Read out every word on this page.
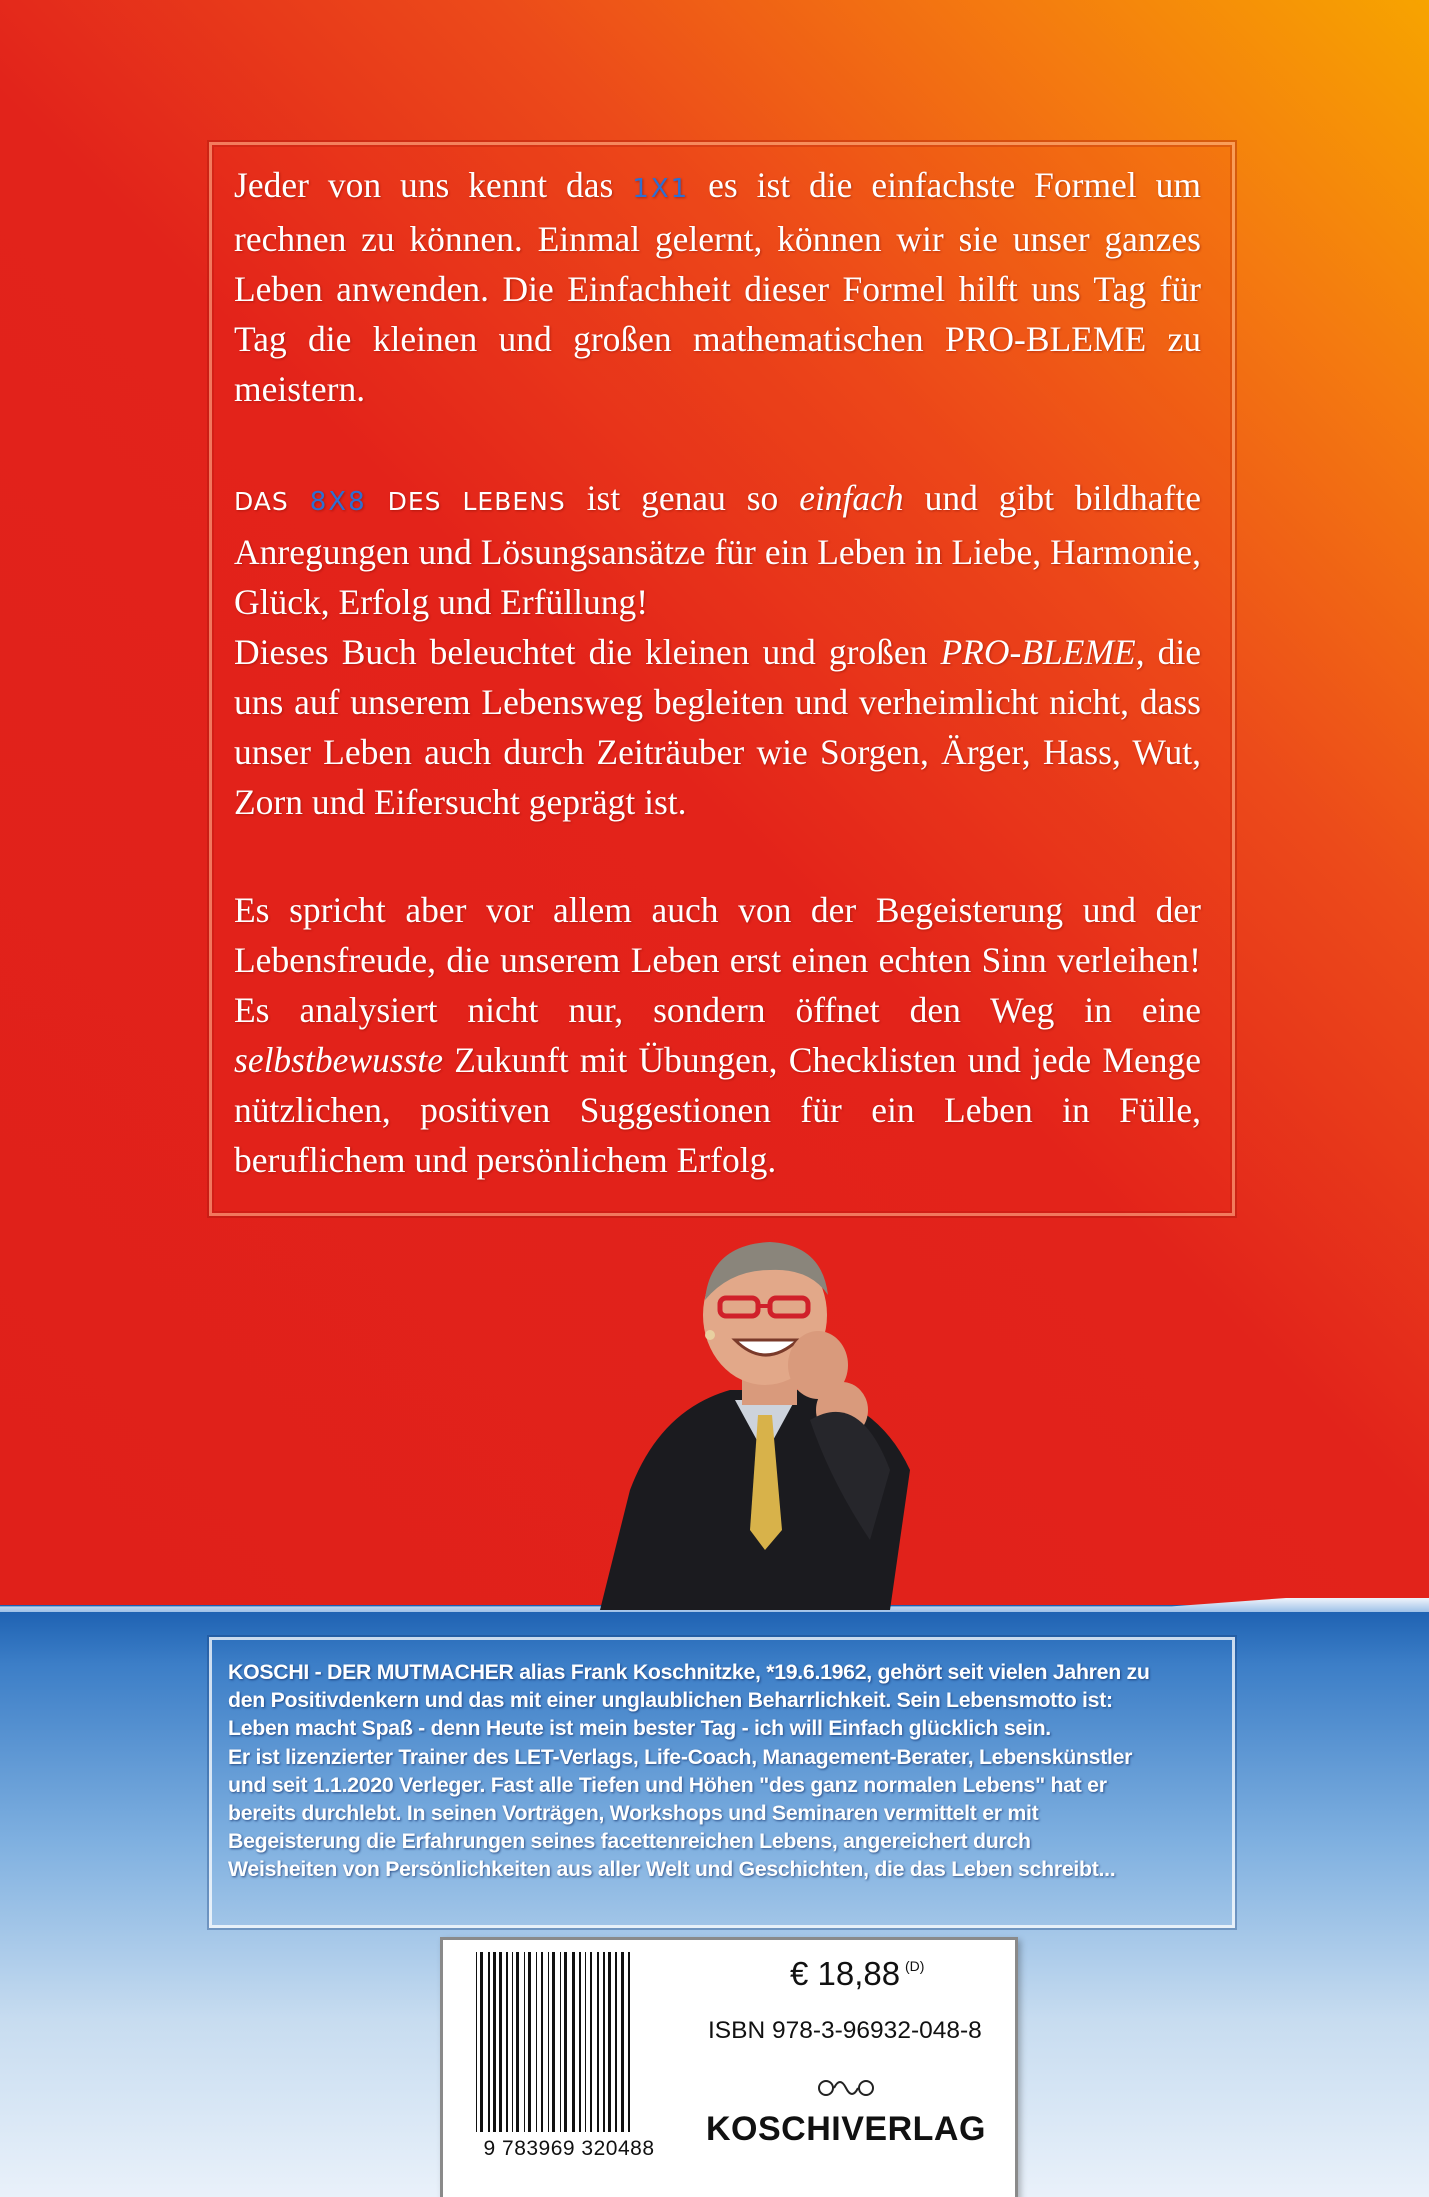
Jeder von uns kennt das 1X1 es ist die einfachste Formel um rechnen zu können. Einmal gelernt, können wir sie unser ganzes Leben anwenden. Die Einfachheit dieser Formel hilft uns Tag für Tag die kleinen und großen mathematischen PRO-BLEME zu meistern.

DAS 8X8 DES LEBENS ist genau so einfach und gibt bildhafte Anregungen und Lösungsansätze für ein Leben in Liebe, Harmonie, Glück, Erfolg und Erfüllung!
Dieses Buch beleuchtet die kleinen und großen PRO-BLEME, die uns auf unserem Lebensweg begleiten und verheimlicht nicht, dass unser Leben auch durch Zeiträuber wie Sorgen, Ärger, Hass, Wut, Zorn und Eifersucht geprägt ist.

Es spricht aber vor allem auch von der Begeisterung und der Lebensfreude, die unserem Leben erst einen echten Sinn verleihen! Es analysiert nicht nur, sondern öffnet den Weg in eine selbstbewusste Zukunft mit Übungen, Checklisten und jede Menge nützlichen, positiven Suggestionen für ein Leben in Fülle, beruflichem und persönlichem Erfolg.

KOSCHI - DER MUTMACHER alias Frank Koschnitzke, *19.6.1962, gehört seit vielen Jahren zu
den Positivdenkern und das mit einer unglaublichen Beharrlichkeit. Sein Lebensmotto ist:
Leben macht Spaß - denn Heute ist mein bester Tag - ich will Einfach glücklich sein.
Er ist lizenzierter Trainer des LET-Verlags, Life-Coach, Management-Berater, Lebenskünstler
und seit 1.1.2020 Verleger. Fast alle Tiefen und Höhen "des ganz normalen Lebens" hat er
bereits durchlebt. In seinen Vorträgen, Workshops und Seminaren vermittelt er mit
Begeisterung die Erfahrungen seines facettenreichen Lebens, angereichert durch
Weisheiten von Persönlichkeiten aus aller Welt und Geschichten, die das Leben schreibt...
9 783969 320488
€ 18,88 (D)
ISBN 978-3-96932-048-8
KOSCHIVERLAG
